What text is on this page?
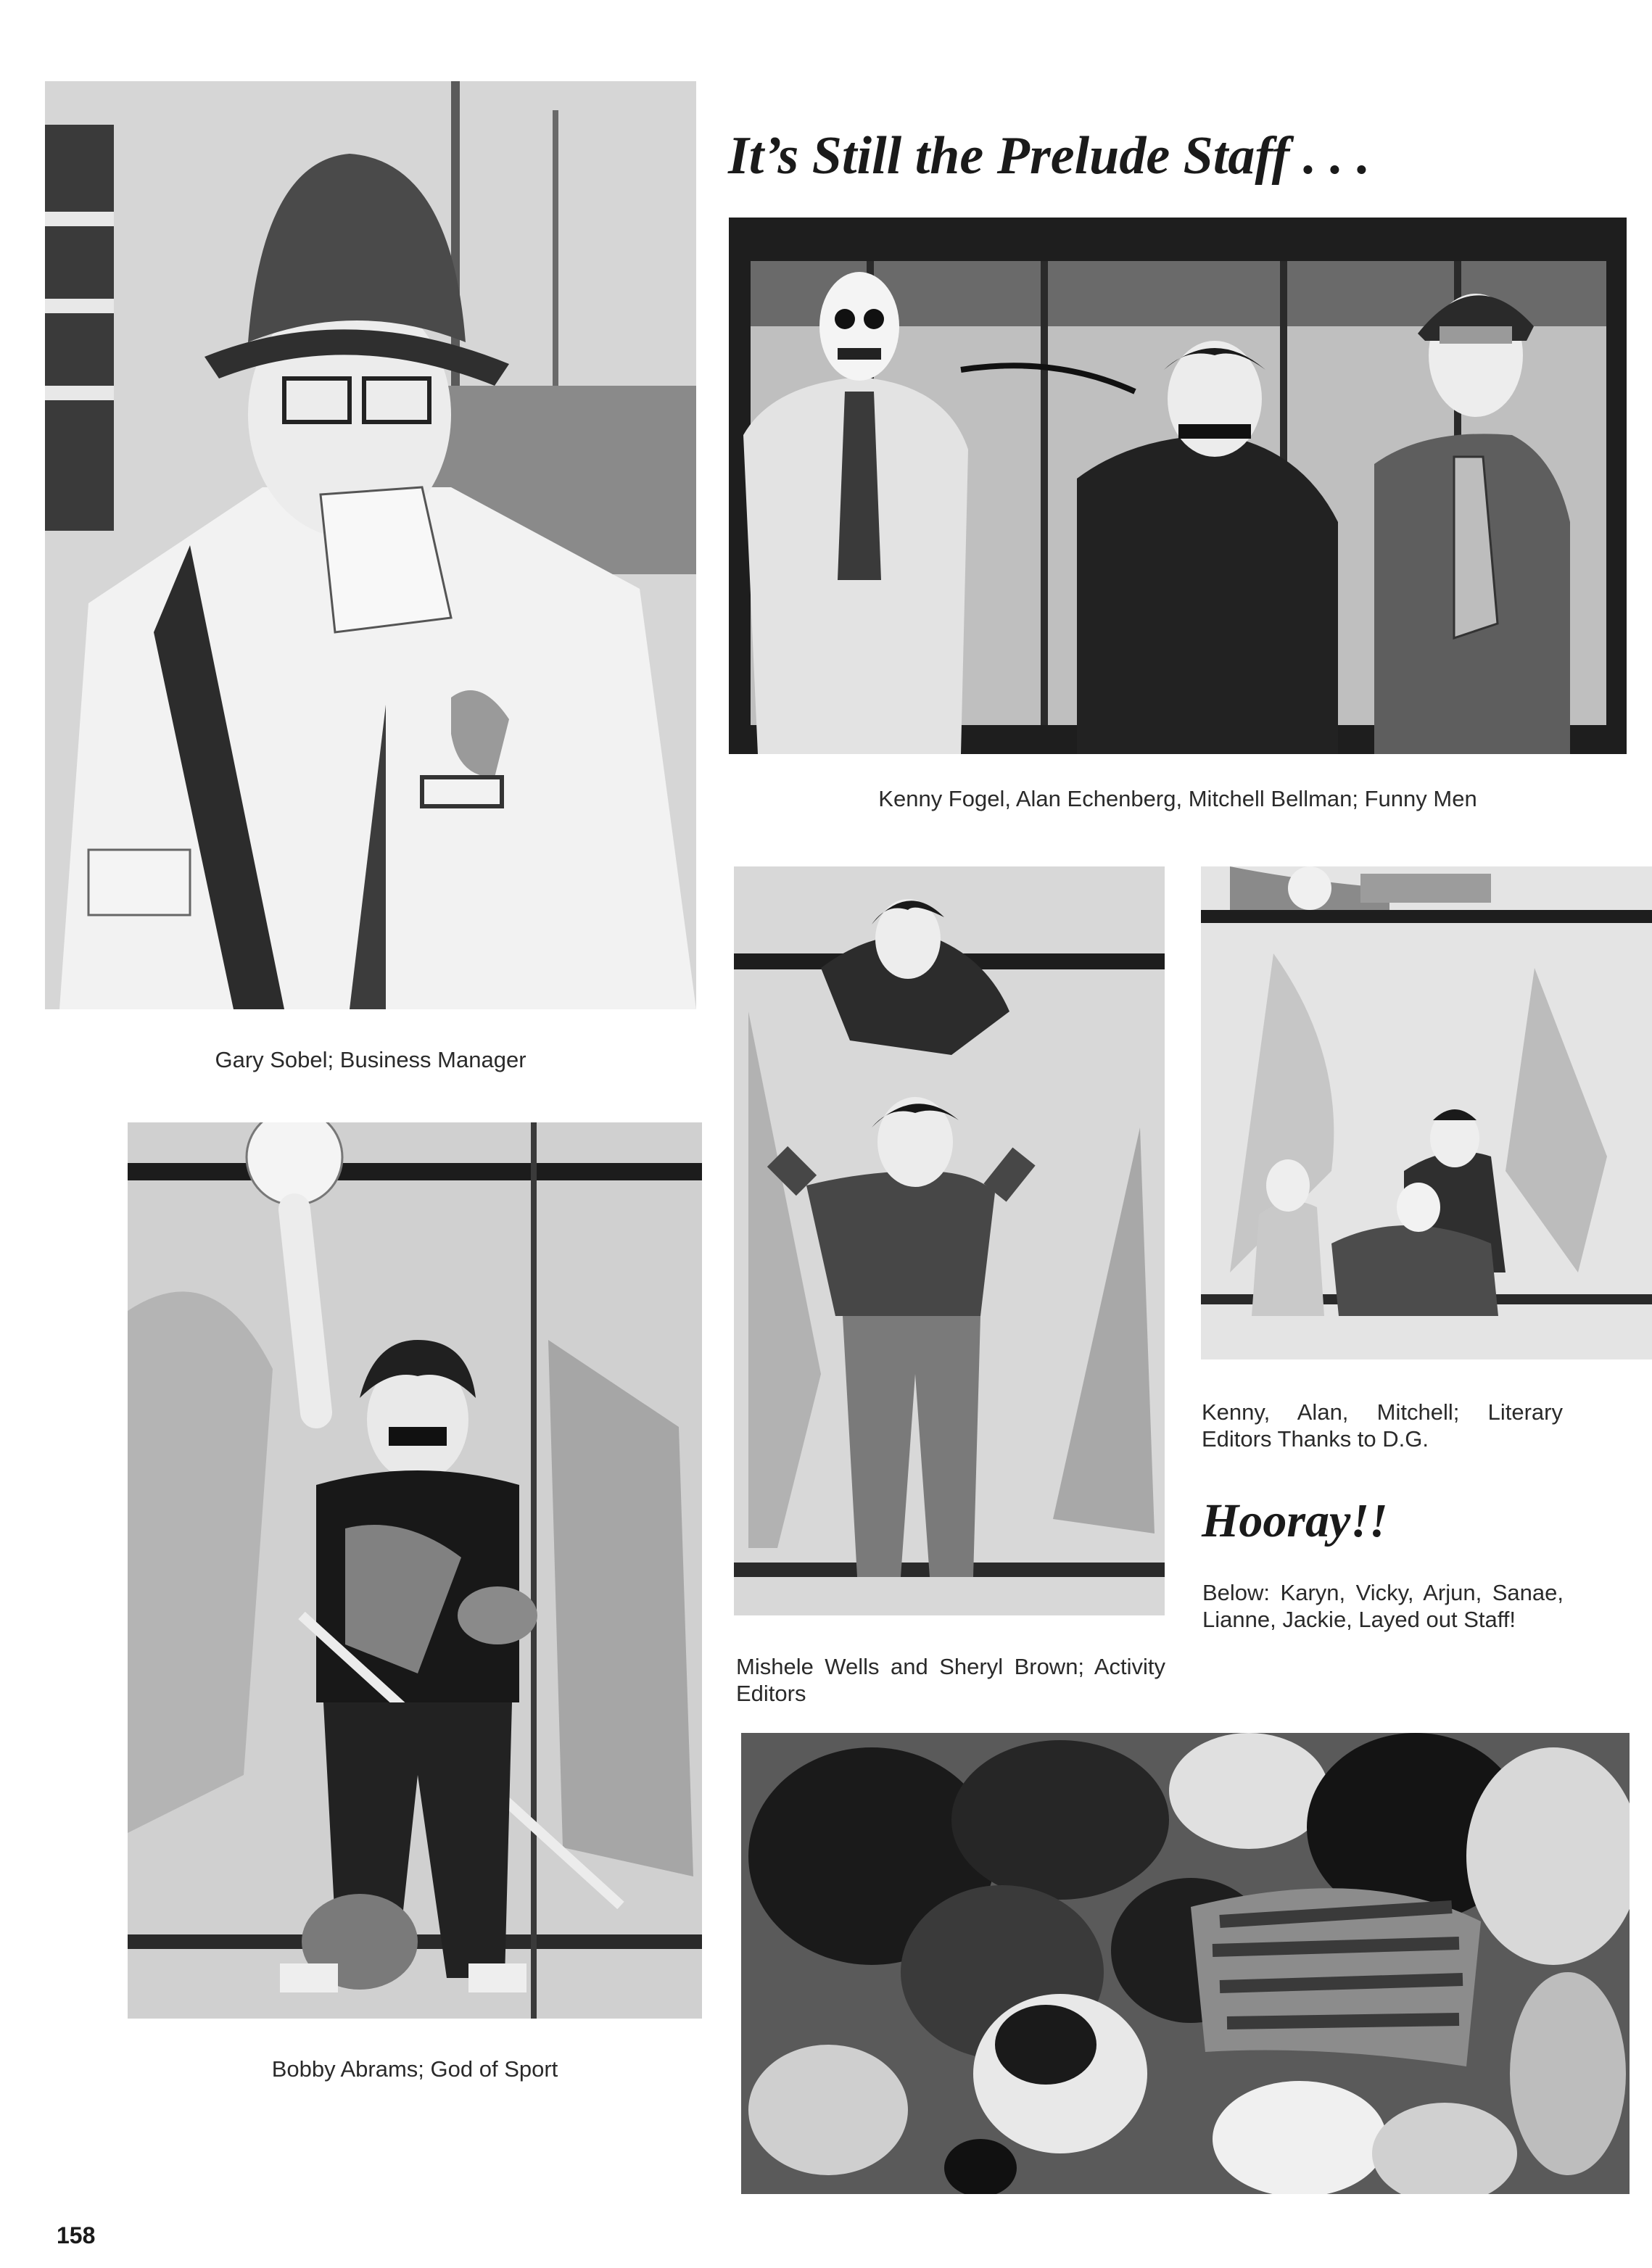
It’s Still the Prelude Staff . . .

Gary Sobel; Business Manager

Kenny Fogel, Alan Echenberg, Mitchell Bellman; Funny Men

Mishele Wells and Sheryl Brown; Activity Editors

Kenny, Alan, Mitchell; Literary Editors Thanks to D.G.

Hooray!!

Bobby Abrams; God of Sport

Below: Karyn, Vicky, Arjun, Sanae, Lianne, Jackie, Layed out Staff!

158
